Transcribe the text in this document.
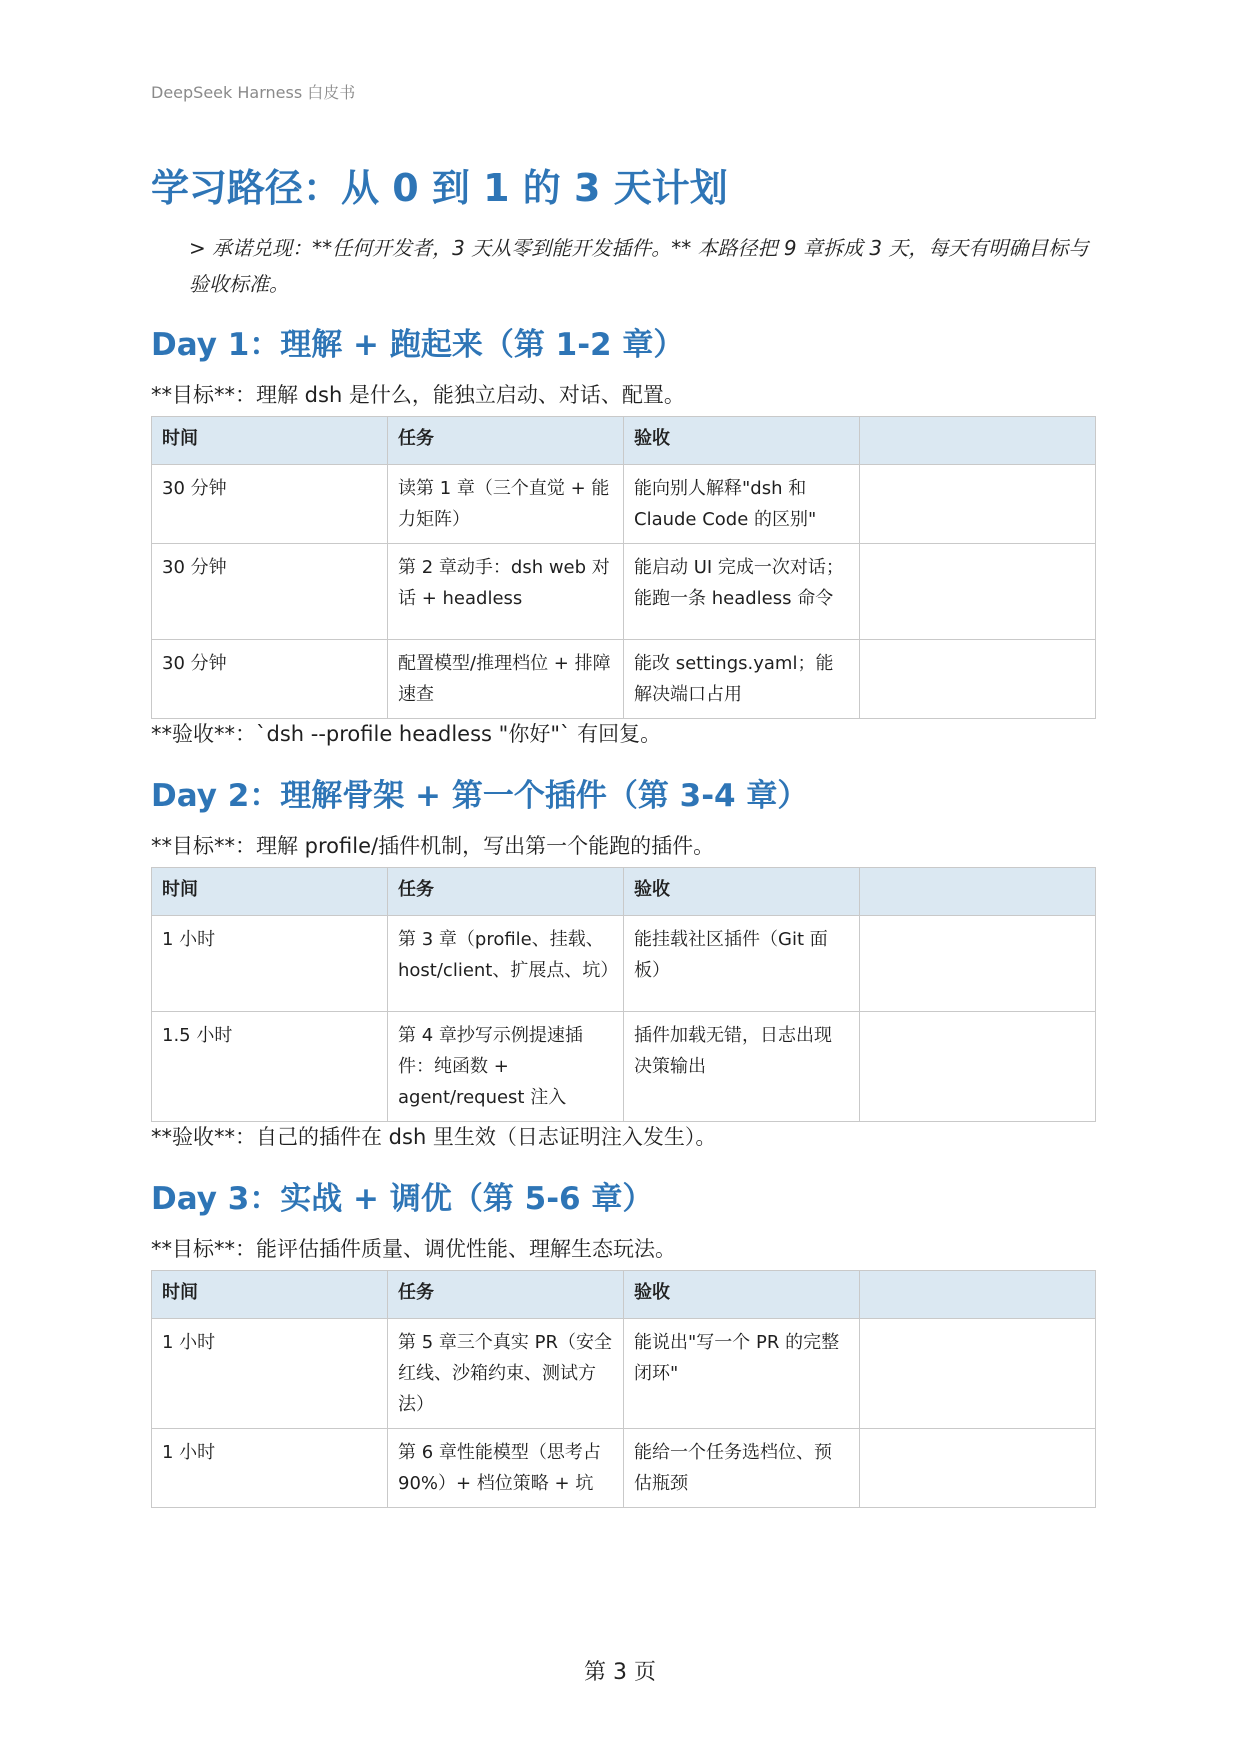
DeepSeek Harness 白皮书
学习路径：从 0 到 1 的 3 天计划
> 承诺兑现：**任何开发者，3 天从零到能开发插件。** 本路径把 9 章拆成 3 天，每天有明确目标与验收标准。
Day 1：理解 + 跑起来（第 1-2 章）
**目标**：理解 dsh 是什么，能独立启动、对话、配置。
时间	任务	验收	
30 分钟	读第 1 章（三个直觉 + 能力矩阵）	能向别人解释"dsh 和 Claude Code 的区别"	
30 分钟	第 2 章动手：dsh web 对话 + headless	能启动 UI 完成一次对话；能跑一条 headless 命令	
30 分钟	配置模型/推理档位 + 排障速查	能改 settings.yaml；能解决端口占用	
**验收**：`dsh --profile headless "你好"` 有回复。
Day 2：理解骨架 + 第一个插件（第 3-4 章）
**目标**：理解 profile/插件机制，写出第一个能跑的插件。
时间	任务	验收	
1 小时	第 3 章（profile、挂载、host/client、扩展点、坑）	能挂载社区插件（Git 面板）	
1.5 小时	第 4 章抄写示例提速插件：纯函数 + agent/request 注入	插件加载无错，日志出现决策输出	
**验收**：自己的插件在 dsh 里生效（日志证明注入发生）。
Day 3：实战 + 调优（第 5-6 章）
**目标**：能评估插件质量、调优性能、理解生态玩法。
时间	任务	验收	
1 小时	第 5 章三个真实 PR（安全红线、沙箱约束、测试方法）	能说出"写一个 PR 的完整闭环"	
1 小时	第 6 章性能模型（思考占 90%）+ 档位策略 + 坑	能给一个任务选档位、预估瓶颈	
第 3 页
